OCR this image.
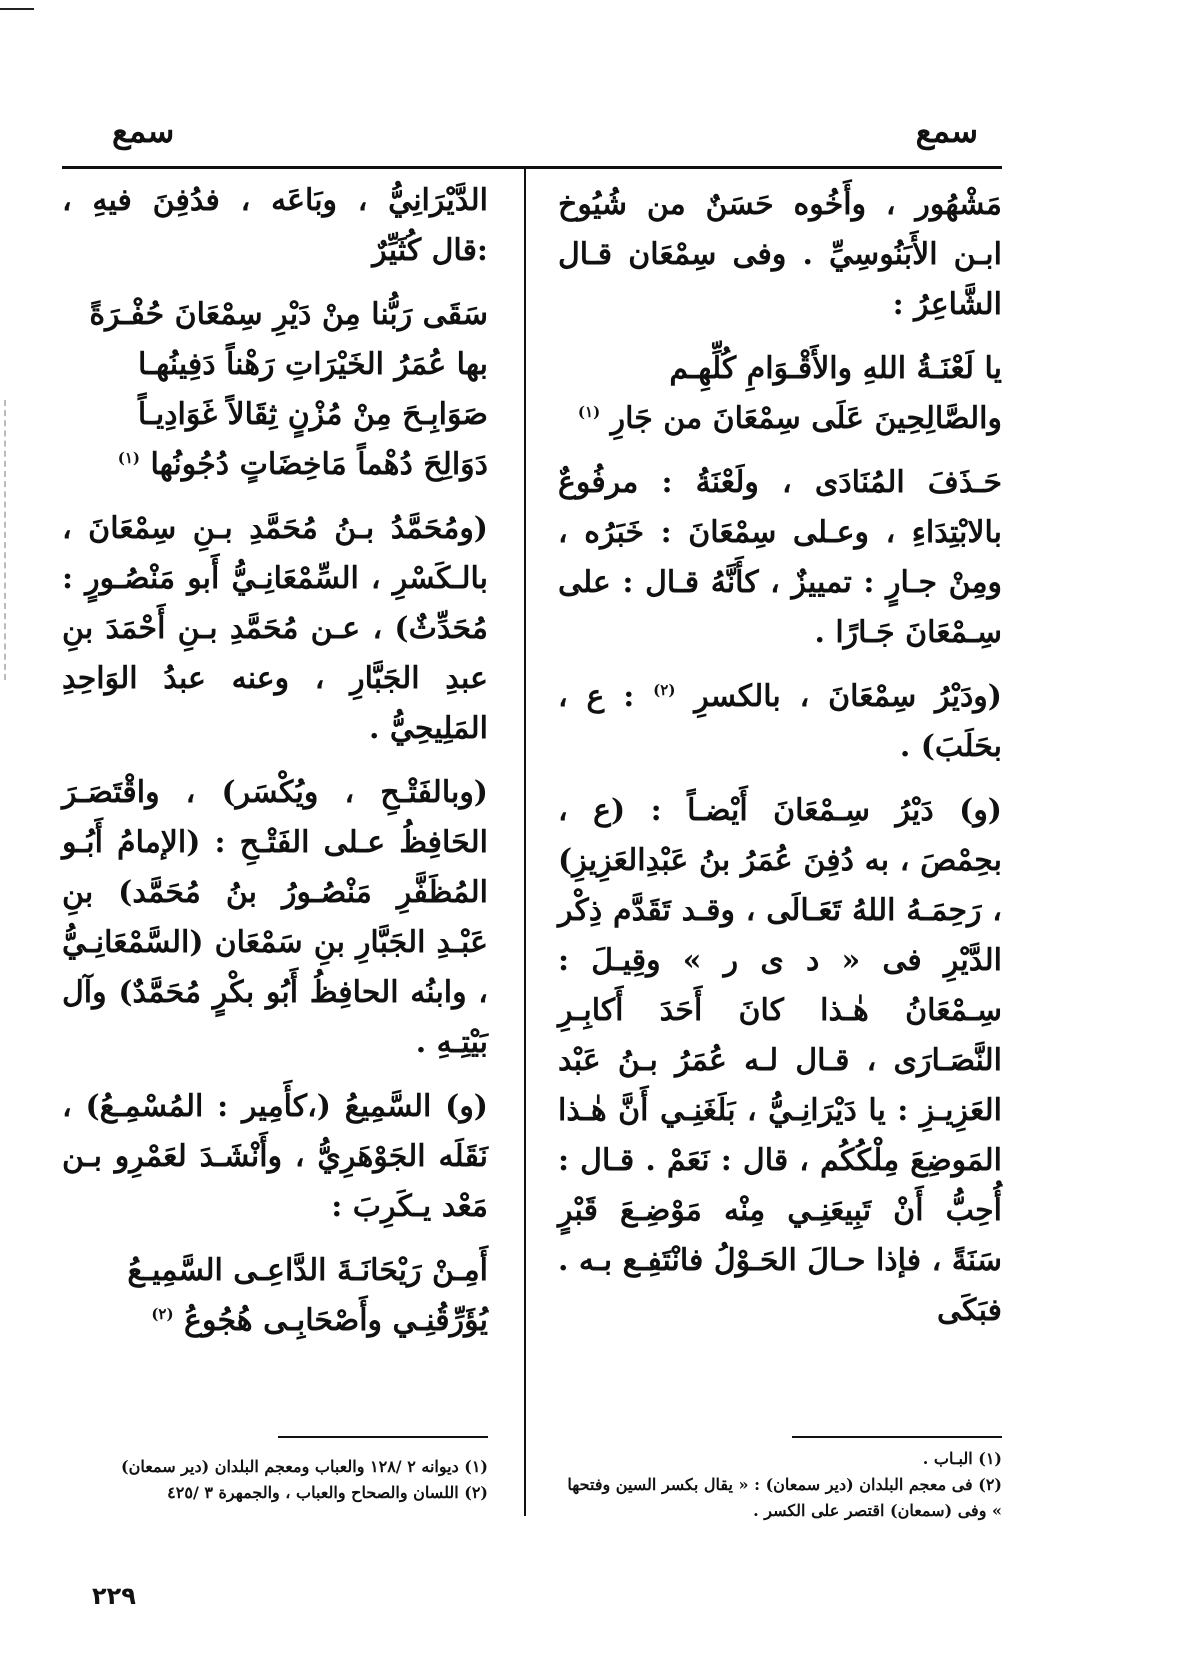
سمع
سمع

مَشْهُور ، وأَخُوه حَسَنٌ من شُيُوخ ابـن الأَبَنُوسِيِّ . وفى سِمْعَان قـال الشَّاعِرُ :

يا لَعْنَـةُ اللهِ والأَقْـوَامِ كُلِّهِـم

والصَّالِحِينَ عَلَى سِمْعَانَ من جَارِ $^{(١)}$

حَـذَفَ المُنَادَى ، ولَعْنَةُ : مرفُوعٌ بالابْتِدَاءِ ، وعـلى سِمْعَانَ : خَبَرُه ، ومِنْ جـارٍ : تمييزٌ ، كأَنَّهُ قـال : على سِـمْعَانَ جَـارًا .

(ودَيْرُ سِمْعَانَ ، بالكسرِ $^{(٢)}$ : ع ، بحَلَبَ) .

(و) دَيْرُ سِـمْعَانَ أَيْضـاً : (ع ، بحِمْصَ ، به دُفِنَ عُمَرُ بنُ عَبْدِالعَزِيزِ) ، رَحِمَـهُ اللهُ تَعَـالَى ، وقـد تَقَدَّم ذِكْر الدَّيْرِ فى « د ى ر » وقِيـلَ : سِـمْعَانُ هٰـذا كانَ أَحَدَ أَكابِـرِ النَّصَـارَى ، قـال لـه عُمَرُ بـنُ عَبْد العَزِيـزِ : يا دَيْرَانِـيُّ ، بَلَغَنِـي أَنَّ هٰـذا المَوضِعَ مِلْكُكُم ، قال : نَعَمْ . قـال : أُحِبُّ أَنْ تَبِيعَنِـي مِنْه مَوْضِـعَ قَبْرٍ سَنَةً ، فإذا حـالَ الحَـوْلُ فانْتَفِـع بـه . فبَكَى

(١) البـاب .

(٢) فى معجم البلدان (دير سمعان) : « يقال بكسر السين وفتحها » وفى (سمعان) اقتصر على الكسر .

الدَّيْرَانِيُّ ، وبَاعَه ، فدُفِنَ فيهِ ، :قال كُثَيِّرٌ

سَقَى رَبُّنا مِنْ دَيْرِ سِمْعَانَ حُفْـرَةً

بها عُمَرُ الخَيْرَاتِ رَهْناً دَفِينُهـا

صَوَابِـحَ مِنْ مُزْنٍ ثِقَالاً غَوَادِيـاً

دَوَالِحَ دُهْماً مَاخِضَاتٍ دُجُونُها $^{(١)}$

(ومُحَمَّدُ بـنُ مُحَمَّدِ بـنِ سِمْعَانَ ، بالـكَسْرِ ، السِّمْعَانِـيُّ أَبو مَنْصُـورٍ : مُحَدِّثٌ) ، عـن مُحَمَّدِ بـنِ أَحْمَدَ بنِ عبدِ الجَبَّارِ ، وعنه عبدُ الوَاحِدِ المَلِيحِيُّ .

(وبالفَتْـحِ ، ويُكْسَر) ، واقْتَصَـرَ الحَافِظُ عـلى الفَتْـحِ : (الإمامُ أَبُـو المُظَفَّرِ مَنْصُـورُ بنُ مُحَمَّد) بنِ عَبْـدِ الجَبَّارِ بنِ سَمْعَان (السَّمْعَانِـيُّ ، وابنُه الحافِظُ أَبُو بكْرٍ مُحَمَّدٌ) وآل بَيْتِـهِ .

(و) السَّمِيعُ (،كأَمِير : المُسْمِـعُ) ، نَقَلَه الجَوْهَرِيُّ ، وأَنْشَـدَ لعَمْرِو بـن مَعْد يـكَرِبَ :

أَمِـنْ رَيْحَانَـةَ الدَّاعِـى السَّمِيـعُ

يُؤَرِّقُنِـي وأَصْحَابِـى هُجُوعُ $^{(٢)}$

(١) ديوانه ٢ /١٢٨ والعباب ومعجم البلدان (دير سمعان)

(٢) اللسان والصحاح والعباب ، والجمهرة ٣ /٤٢٥

٢٢٩
